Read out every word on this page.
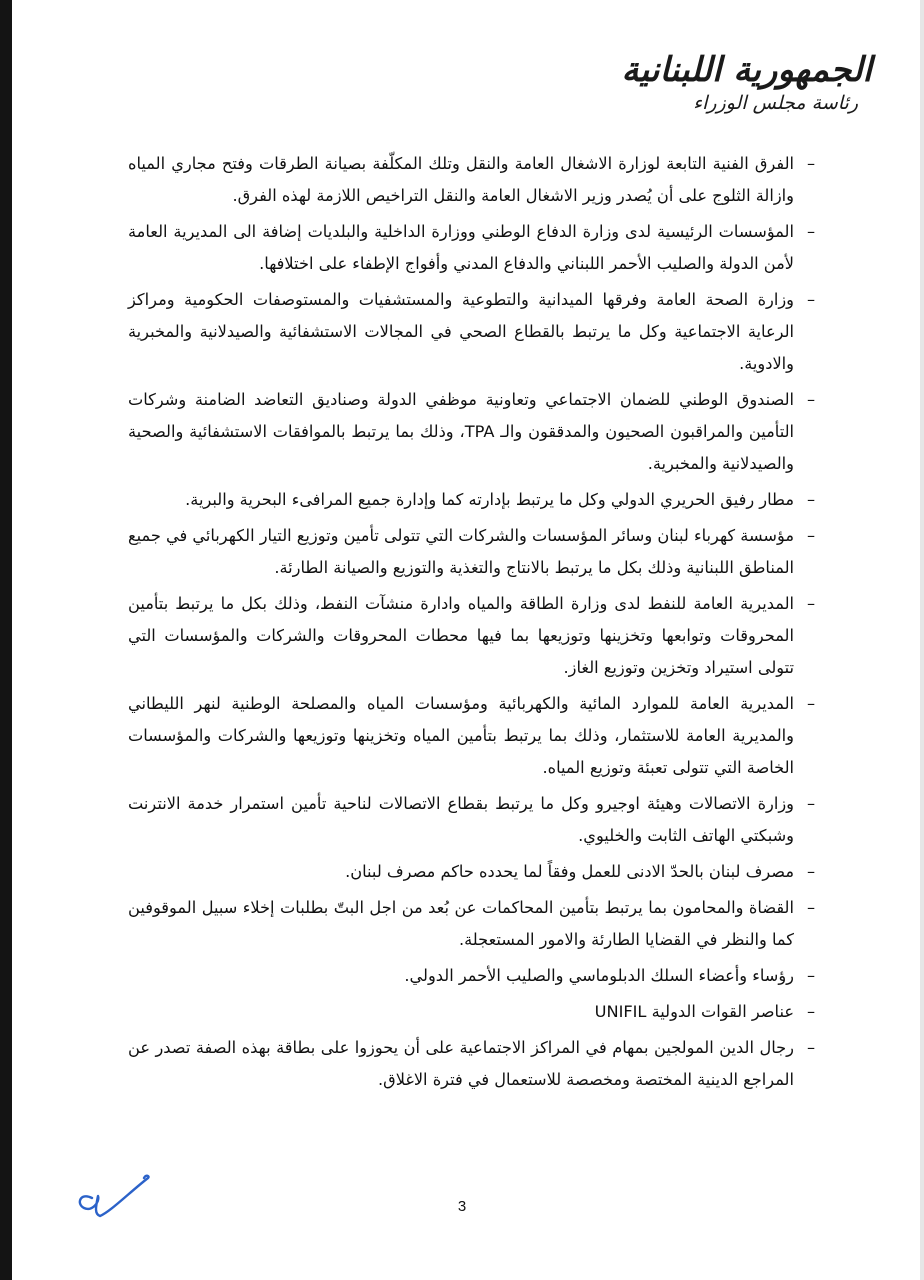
الجمهورية اللبنانية
رئاسة مجلس الوزراء
–
الفرق الفنية التابعة لوزارة الاشغال العامة والنقل وتلك المكلّفة بصيانة الطرقات وفتح مجاري المياه وازالة الثلوج على أن يُصدر وزير الاشغال العامة والنقل التراخيص اللازمة لهذه الفرق.
–
المؤسسات الرئيسية لدى وزارة الدفاع الوطني ووزارة الداخلية والبلديات إضافة الى المديرية العامة لأمن الدولة والصليب الأحمر اللبناني والدفاع المدني وأفواج الإطفاء على اختلافها.
–
وزارة الصحة العامة وفرقها الميدانية والتطوعية والمستشفيات والمستوصفات الحكومية ومراكز الرعاية الاجتماعية وكل ما يرتبط بالقطاع الصحي في المجالات الاستشفائية والصيدلانية والمخبرية والادوية.
–
الصندوق الوطني للضمان الاجتماعي وتعاونية موظفي الدولة وصناديق التعاضد الضامنة وشركات التأمين والمراقبون الصحيون والمدققون والـ TPA، وذلك بما يرتبط بالموافقات الاستشفائية والصحية والصيدلانية والمخبرية.
–
مطار رفيق الحريري الدولي وكل ما يرتبط بإدارته كما وإدارة جميع المرافىء البحرية والبرية.
–
مؤسسة كهرباء لبنان وسائر المؤسسات والشركات التي تتولى تأمين وتوزيع التيار الكهربائي في جميع المناطق اللبنانية وذلك بكل ما يرتبط بالانتاج والتغذية والتوزيع والصيانة الطارئة.
–
المديرية العامة للنفط لدى وزارة الطاقة والمياه وادارة منشآت النفط، وذلك بكل ما يرتبط بتأمين المحروقات وتوابعها وتخزينها وتوزيعها بما فيها محطات المحروقات والشركات والمؤسسات التي تتولى استيراد وتخزين وتوزيع الغاز.
–
المديرية العامة للموارد المائية والكهربائية ومؤسسات المياه والمصلحة الوطنية لنهر الليطاني والمديرية العامة للاستثمار، وذلك بما يرتبط بتأمين المياه وتخزينها وتوزيعها والشركات والمؤسسات الخاصة التي تتولى تعبئة وتوزيع المياه.
–
وزارة الاتصالات وهيئة اوجيرو وكل ما يرتبط بقطاع الاتصالات لناحية تأمين استمرار خدمة الانترنت وشبكتي الهاتف الثابت والخليوي.
–
مصرف لبنان بالحدّ الادنى للعمل وفقاً لما يحدده حاكم مصرف لبنان.
–
القضاة والمحامون بما يرتبط بتأمين المحاكمات عن بُعد من اجل البتّ بطلبات إخلاء سبيل الموقوفين كما والنظر في القضايا الطارئة والامور المستعجلة.
–
رؤساء وأعضاء السلك الدبلوماسي والصليب الأحمر الدولي.
–
عناصر القوات الدولية UNIFIL
–
رجال الدين المولجين بمهام في المراكز الاجتماعية على أن يحوزوا على بطاقة بهذه الصفة تصدر عن المراجع الدينية المختصة ومخصصة للاستعمال في فترة الاغلاق.
3
